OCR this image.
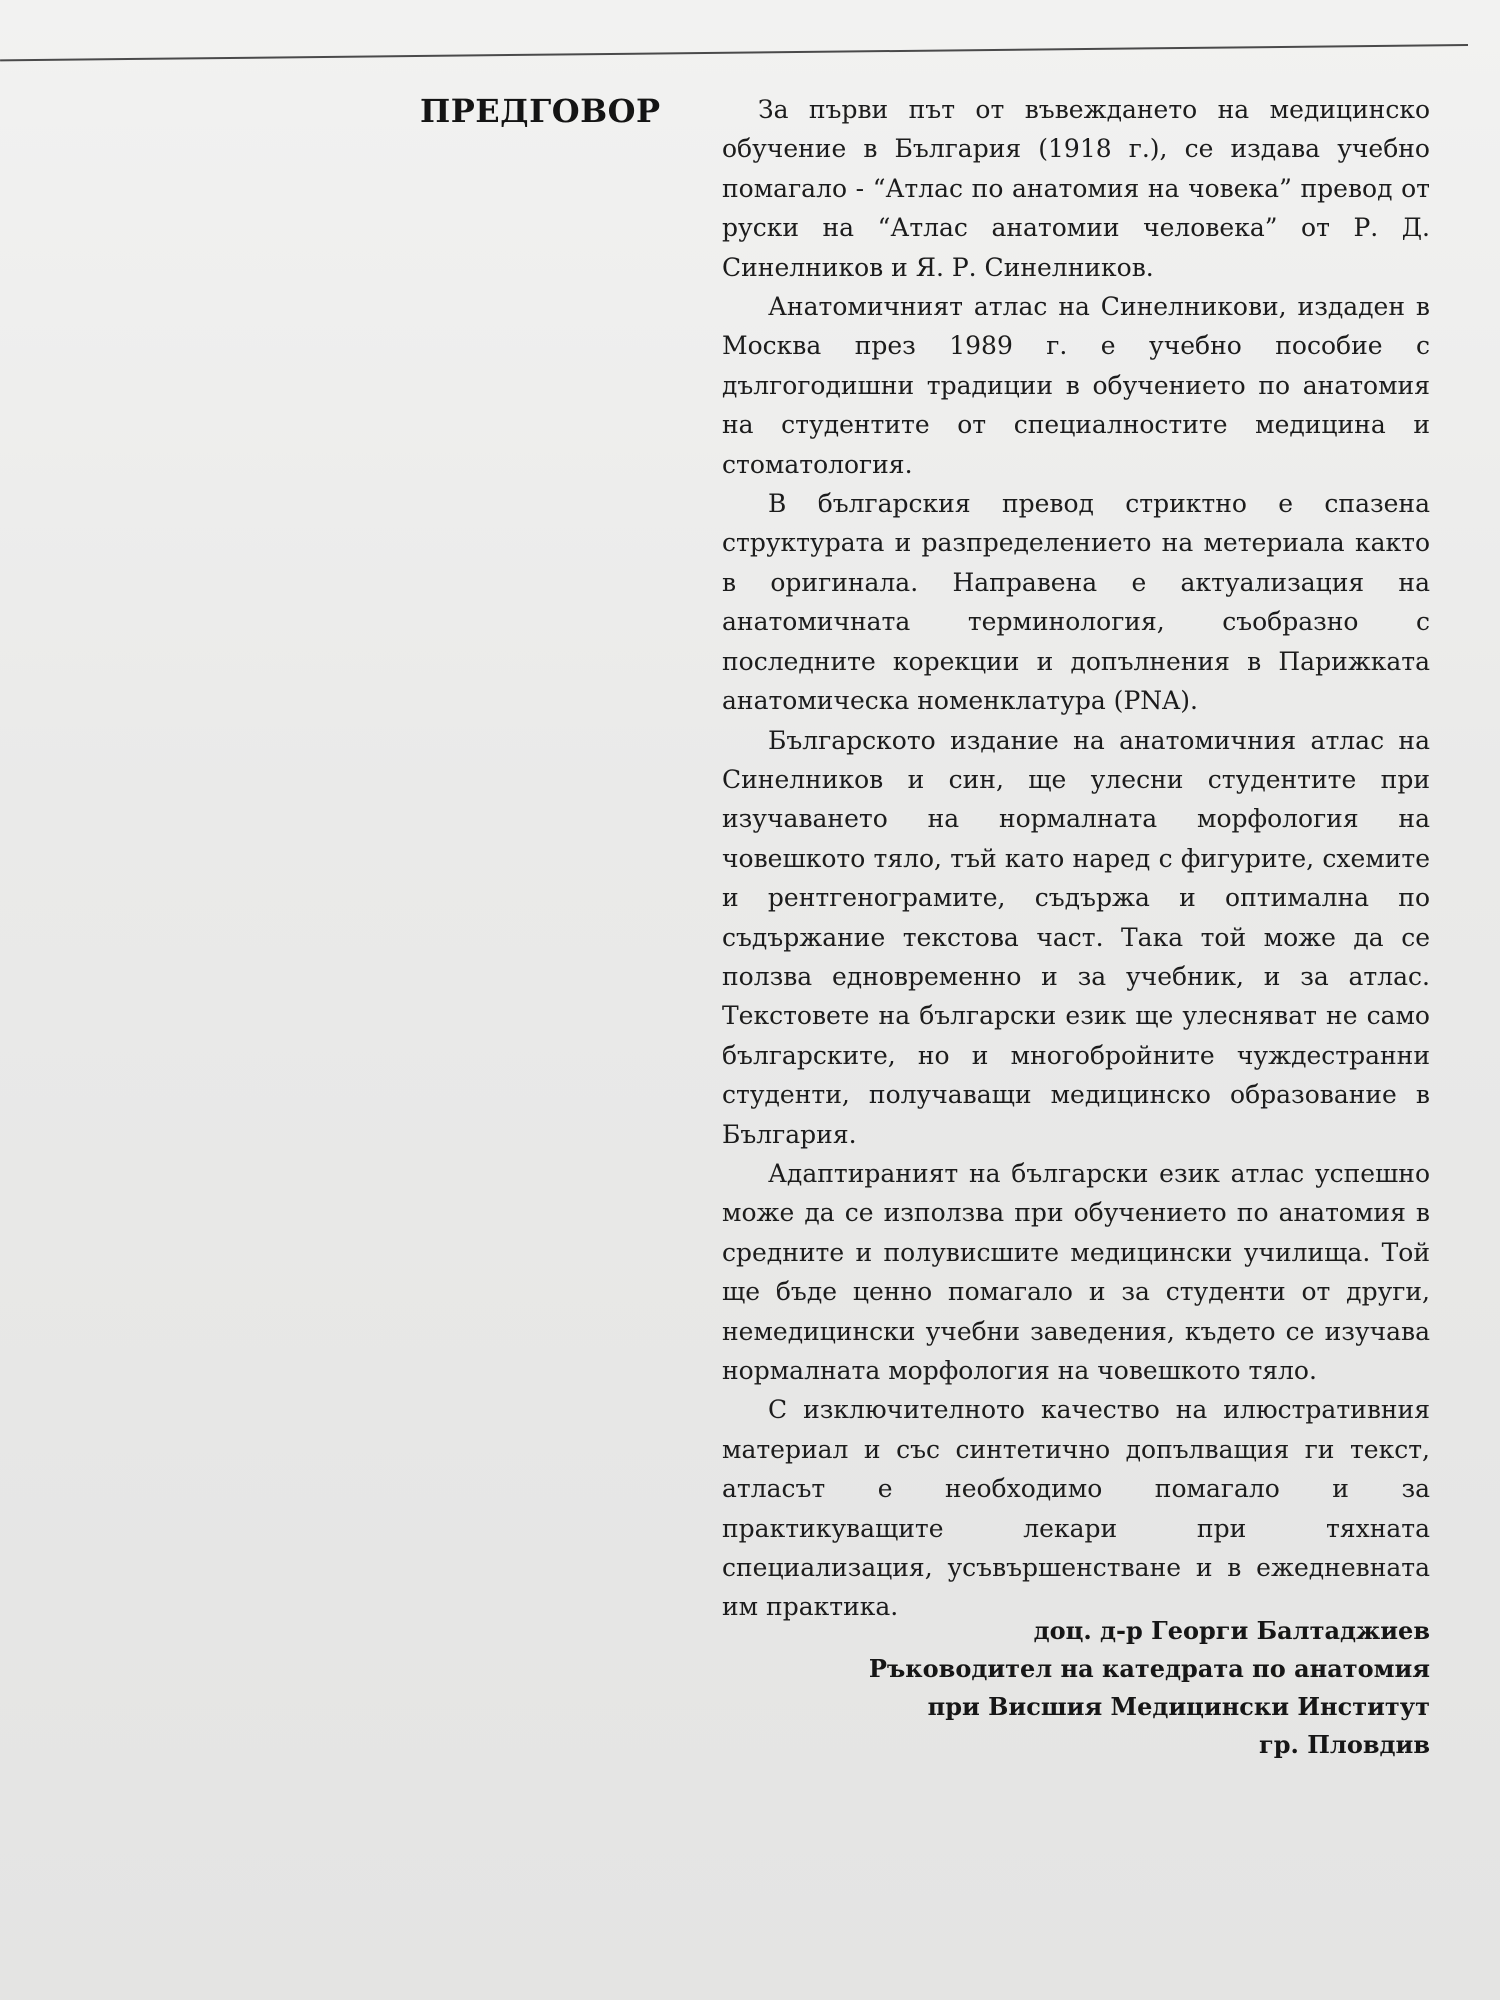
ПРЕДГОВОР	За първи път от въвеждането на медицинско обучение в България (1918 г.), се издава учебно помагало - “Атлас по анатомия на човека” превод от руски на “Атлас анатомии человека” от Р. Д. Синелников и Я. Р. Синелников.

Анатомичният атлас на Синелникови, издаден в Москва през 1989 г. е учебно пособие с дългогодишни традиции в обучението по анатомия на студентите от специалностите медицина и стоматология.

В българския превод стриктно е спазена структурата и разпределението на метериала както в оригинала. Направена е актуализация на анатомичната терминология, съобразно с последните корекции и допълнения в Парижката анатомическа номенклатура (PNA).

Българското издание на анатомичния атлас на Синелников и син, ще улесни студентите при изучаването на нормалната морфология на човешкото тяло, тъй като наред с фигурите, схемите и рентгенограмите, съдържа и оптимална по съдържание текстова част. Така той може да се ползва едновременно и за учебник, и за атлас. Текстовете на български език ще улесняват не само българските, но и многобройните чуждестранни студенти, получаващи медицинско образование в България.

Адаптираният на български език атлас успешно може да се използва при обучението по анатомия в средните и полувисшите медицински училища. Той ще бъде ценно помагало и за студенти от други, немедицински учебни заведения, където се изучава нормалната морфология на човешкото тяло.

С изключителното качество на илюстративния материал и със синтетично допълващия ги текст, атласът е необходимо помагало и за практикуващите лекари при тяхната специализация, усъвършенстване и в ежедневната им практика.

доц. д-р Георги Балтаджиев
Ръководител на катедрата по анатомия
при Висшия Медицински Институт
гр. Пловдив
